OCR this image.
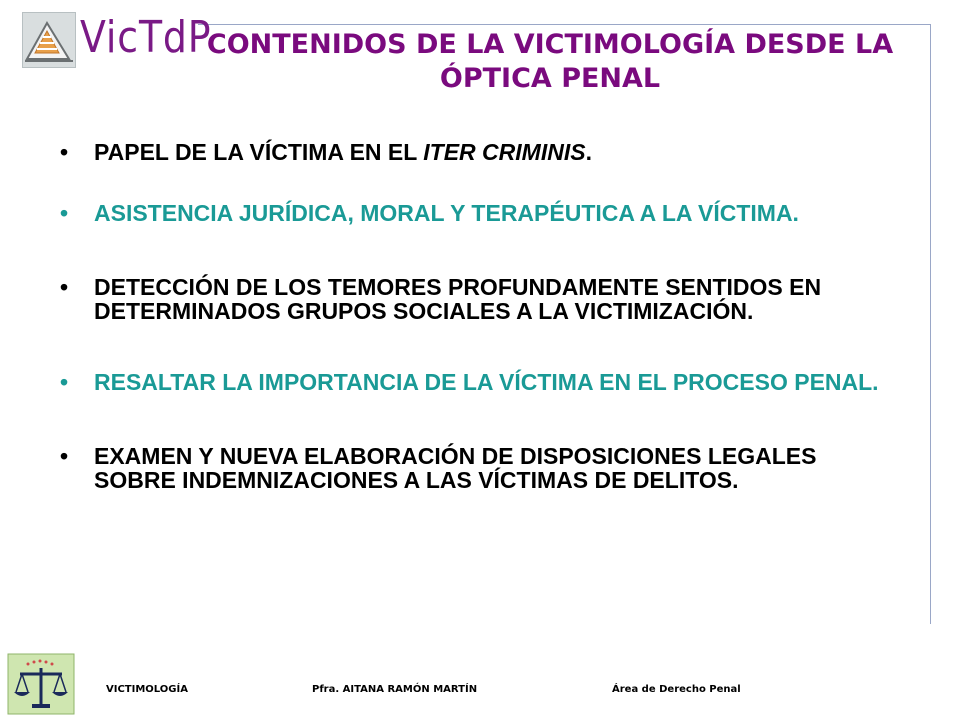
VicTdP
CONTENIDOS DE LA VICTIMOLOGÍA DESDE LA ÓPTICA PENAL
• PAPEL DE LA VÍCTIMA EN EL ITER CRIMINIS.
• ASISTENCIA JURÍDICA, MORAL Y TERAPÉUTICA A LA VÍCTIMA.
• DETECCIÓN DE LOS TEMORES PROFUNDAMENTE SENTIDOS EN DETERMINADOS GRUPOS SOCIALES A LA VICTIMIZACIÓN.
• RESALTAR LA IMPORTANCIA DE LA VÍCTIMA EN EL PROCESO PENAL.
• EXAMEN Y NUEVA ELABORACIÓN DE DISPOSICIONES LEGALES SOBRE INDEMNIZACIONES A LAS VÍCTIMAS DE DELITOS.
VICTIMOLOGÍA	Pfra. AITANA RAMÓN MARTÍN	Área de Derecho Penal
